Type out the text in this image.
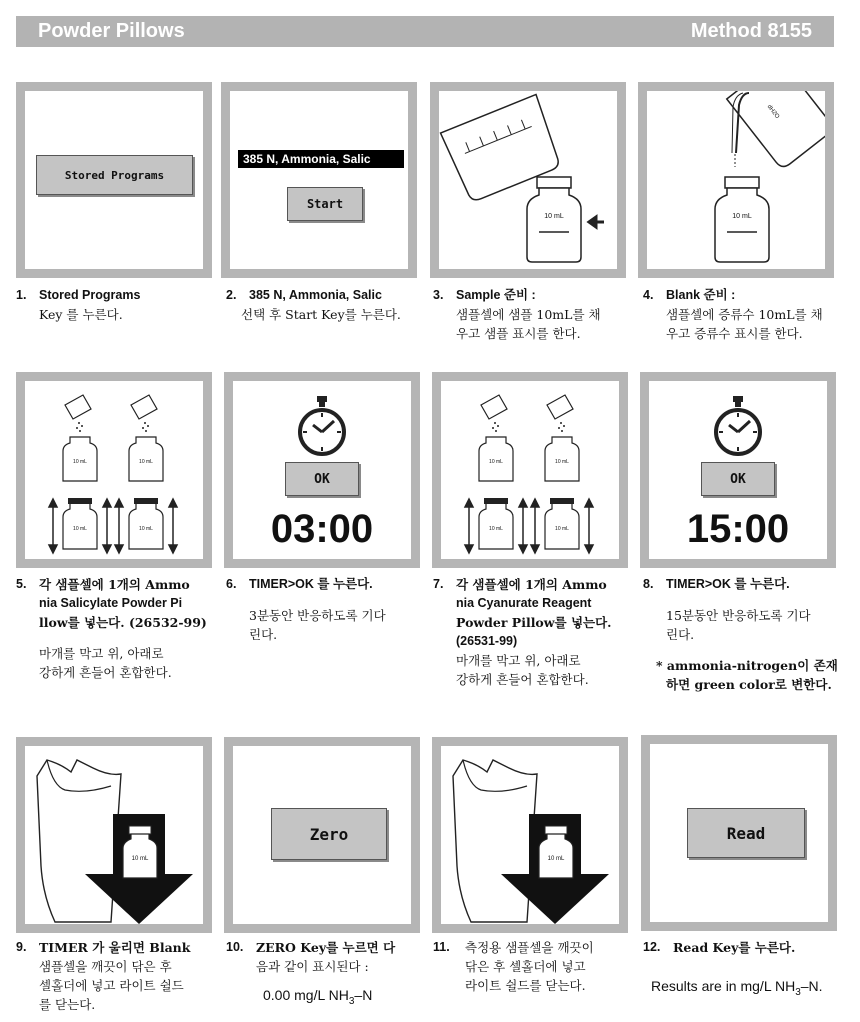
Powder Pillows	Method 8155
Stored Programs
385 N, Ammonia, Salic
Start
10 mL
dH2O
10 mL
10 mL	10 mL
10 mL	10 mL
OK
03:00
10 mL	10 mL
10 mL	10 mL
OK
15:00
10 mL
Zero
10 mL
Read
1. Stored Programs
Key 를 누른다.
2. 385 N, Ammonia, Salic
선택 후 Start Key를 누른다.
3. Sample 준비 :
샘플셀에 샘플 10mL를 채
우고 샘플 표시를 한다.
4. Blank 준비 :
샘플셀에 증류수 10mL를 채
우고 증류수 표시를 한다.
5. 각 샘플셀에 1개의 Ammo
nia Salicylate Powder Pi
llow를 넣는다. (26532-99)
마개를 막고 위, 아래로
강하게 흔들어 혼합한다.
6. TIMER>OK 를 누른다.
3분동안 반응하도록 기다
린다.
7. 각 샘플셀에 1개의 Ammo
nia Cyanurate Reagent
Powder Pillow를 넣는다.
(26531-99)
마개를 막고 위, 아래로
강하게 흔들어 혼합한다.
8. TIMER>OK 를 누른다.
15분동안 반응하도록 기다
린다.
* ammonia-nitrogen이 존재
하면 green color로 변한다.
9. TIMER 가 울리면 Blank
샘플셀을 깨끗이 닦은 후
셀홀더에 넣고 라이트 쉴드
를 닫는다.
10. ZERO Key를 누르면 다
음과 같이 표시된다 :
0.00 mg/L $NH_3-N$
11. 측정용 샘플셀을 깨끗이
닦은 후 셀홀더에 넣고
라이트 쉴드를 닫는다.
12. Read Key를 누른다.
Results are in mg/L $NH_3-N$.
